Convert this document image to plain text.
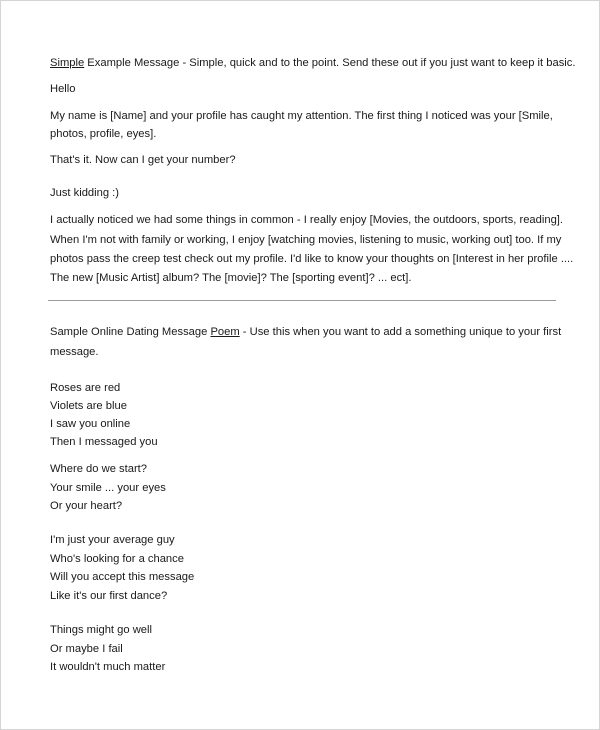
Simple Example Message - Simple, quick and to the point. Send these out if you just want to keep it basic.
Hello
My name is [Name] and your profile has caught my attention. The first thing I noticed was your [Smile,
photos, profile, eyes].
That's it. Now can I get your number?
Just kidding :)
I actually noticed we had some things in common - I really enjoy [Movies, the outdoors, sports, reading].
When I'm not with family or working, I enjoy [watching movies, listening to music, working out] too. If my
photos pass the creep test check out my profile. I'd like to know your thoughts on [Interest in her profile ....
The new [Music Artist] album? The [movie]? The [sporting event]? ... ect].
Sample Online Dating Message Poem - Use this when you want to add a something unique to your first
message.
Roses are red
Violets are blue
I saw you online
Then I messaged you
Where do we start?
Your smile ... your eyes
Or your heart?
I'm just your average guy
Who's looking for a chance
Will you accept this message
Like it's our first dance?
Things might go well
Or maybe I fail
It wouldn't much matter
